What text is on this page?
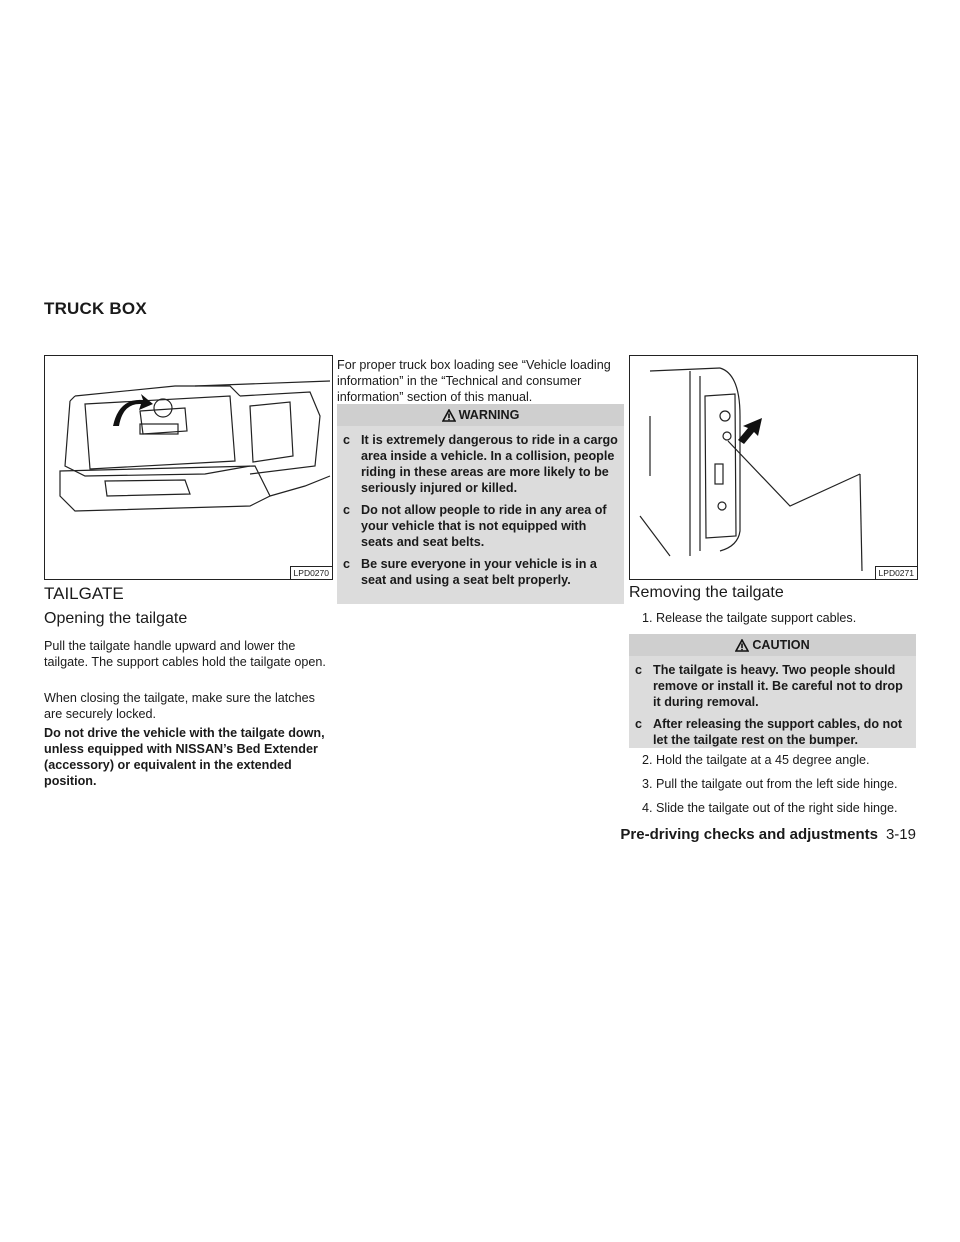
TRUCK BOX
LPD0270	LPD0271
TAILGATE
Opening the tailgate

Pull the tailgate handle upward and lower the tailgate. The support cables hold the tailgate open.

When closing the tailgate, make sure the latches are securely locked.

Do not drive the vehicle with the tailgate down, unless equipped with NISSAN’s Bed Extender (accessory) or equivalent in the extended position.

For proper truck box loading see “Vehicle loading information” in the “Technical and consumer information” section of this manual.

WARNING
c It is extremely dangerous to ride in a cargo area inside a vehicle. In a collision, people riding in these areas are more likely to be seriously injured or killed.
c Do not allow people to ride in any area of your vehicle that is not equipped with seats and seat belts.
c Be sure everyone in your vehicle is in a seat and using a seat belt properly.
Removing the tailgate
1. Release the tailgate support cables.
CAUTION
c The tailgate is heavy. Two people should remove or install it. Be careful not to drop it during removal.
c After releasing the support cables, do not let the tailgate rest on the bumper.
2. Hold the tailgate at a 45 degree angle.
3. Pull the tailgate out from the left side hinge.
4. Slide the tailgate out of the right side hinge.
Pre-driving checks and adjustments 3-19
